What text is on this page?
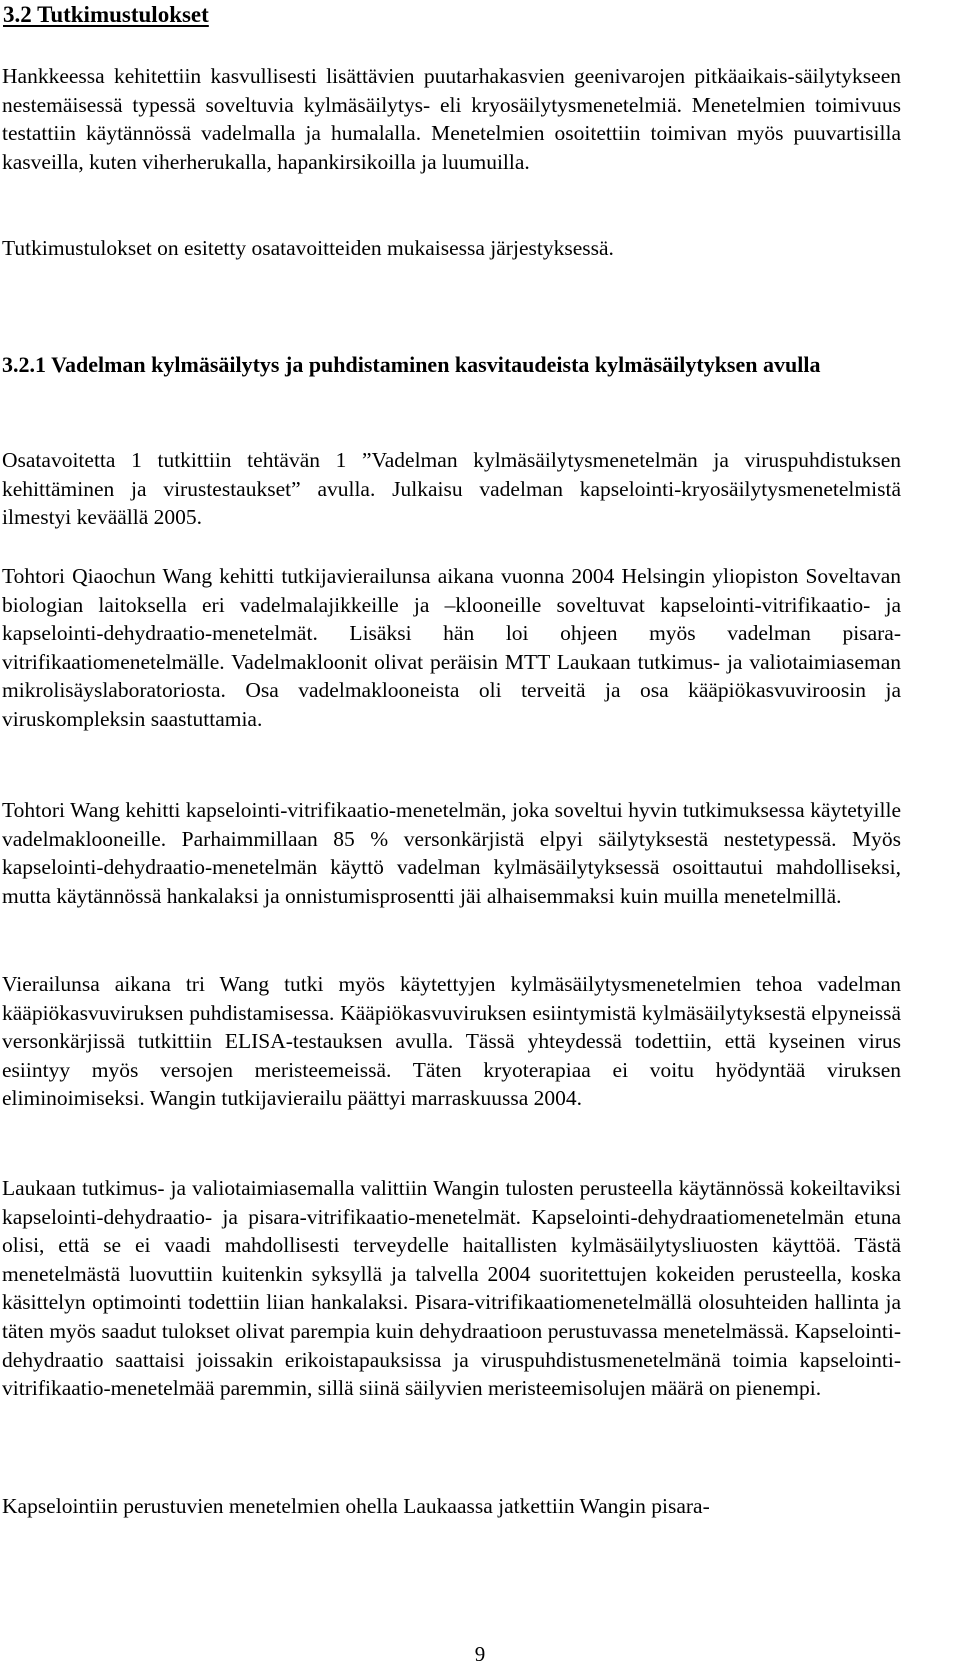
3.2 Tutkimustulokset

Hankkeessa kehitettiin kasvullisesti lisättävien puutarhakasvien geenivarojen pitkäaikais-säilytykseen nestemäisessä typessä soveltuvia kylmäsäilytys- eli kryosäilytysmenetelmiä. Menetelmien toimivuus testattiin käytännössä vadelmalla ja humalalla. Menetelmien osoitettiin toimivan myös puuvartisilla kasveilla, kuten viherherukalla, hapankirsikoilla ja luumuilla.

Tutkimustulokset on esitetty osatavoitteiden mukaisessa järjestyksessä.

3.2.1 Vadelman kylmäsäilytys ja puhdistaminen kasvitaudeista kylmäsäilytyksen avulla

Osatavoitetta 1 tutkittiin tehtävän 1 ”Vadelman kylmäsäilytysmenetelmän ja viruspuhdistuksen kehittäminen ja virustestaukset” avulla. Julkaisu vadelman kapselointi-kryosäilytysmenetelmistä ilmestyi keväällä 2005.

Tohtori Qiaochun Wang kehitti tutkijavierailunsa aikana vuonna 2004 Helsingin yliopiston Soveltavan biologian laitoksella eri vadelmalajikkeille ja –klooneille soveltuvat kapselointi-vitrifikaatio- ja kapselointi-dehydraatio-menetelmät. Lisäksi hän loi ohjeen myös vadelman pisara-vitrifikaatiomenetelmälle. Vadelmakloonit olivat peräisin MTT Laukaan tutkimus- ja valiotaimiaseman mikrolisäyslaboratoriosta. Osa vadelmaklooneista oli terveitä ja osa kääpiökasvuviroosin ja viruskompleksin saastuttamia.

Tohtori Wang kehitti kapselointi-vitrifikaatio-menetelmän, joka soveltui hyvin tutkimuksessa käytetyille vadelmaklooneille. Parhaimmillaan 85 % versonkärjistä elpyi säilytyksestä nestetypessä. Myös kapselointi-dehydraatio-menetelmän käyttö vadelman kylmäsäilytyksessä osoittautui mahdolliseksi, mutta käytännössä hankalaksi ja onnistumisprosentti jäi alhaisemmaksi kuin muilla menetelmillä.

Vierailunsa aikana tri Wang tutki myös käytettyjen kylmäsäilytysmenetelmien tehoa vadelman kääpiökasvuviruksen puhdistamisessa. Kääpiökasvuviruksen esiintymistä kylmäsäilytyksestä elpyneissä versonkärjissä tutkittiin ELISA-testauksen avulla. Tässä yhteydessä todettiin, että kyseinen virus esiintyy myös versojen meristeemeissä. Täten kryoterapiaa ei voitu hyödyntää viruksen eliminoimiseksi. Wangin tutkijavierailu päättyi marraskuussa 2004.

Laukaan tutkimus- ja valiotaimiasemalla valittiin Wangin tulosten perusteella käytännössä kokeiltaviksi kapselointi-dehydraatio- ja pisara-vitrifikaatio-menetelmät. Kapselointi-dehydraatiomenetelmän etuna olisi, että se ei vaadi mahdollisesti terveydelle haitallisten kylmäsäilytysliuosten käyttöä. Tästä menetelmästä luovuttiin kuitenkin syksyllä ja talvella 2004 suoritettujen kokeiden perusteella, koska käsittelyn optimointi todettiin liian hankalaksi. Pisara-vitrifikaatiomenetelmällä olosuhteiden hallinta ja täten myös saadut tulokset olivat parempia kuin dehydraatioon perustuvassa menetelmässä. Kapselointi-dehydraatio saattaisi joissakin erikoistapauksissa ja viruspuhdistusmenetelmänä toimia kapselointi-vitrifikaatio-menetelmää paremmin, sillä siinä säilyvien meristeemisolujen määrä on pienempi.

Kapselointiin perustuvien menetelmien ohella Laukaassa jatkettiin Wangin pisara-

9
